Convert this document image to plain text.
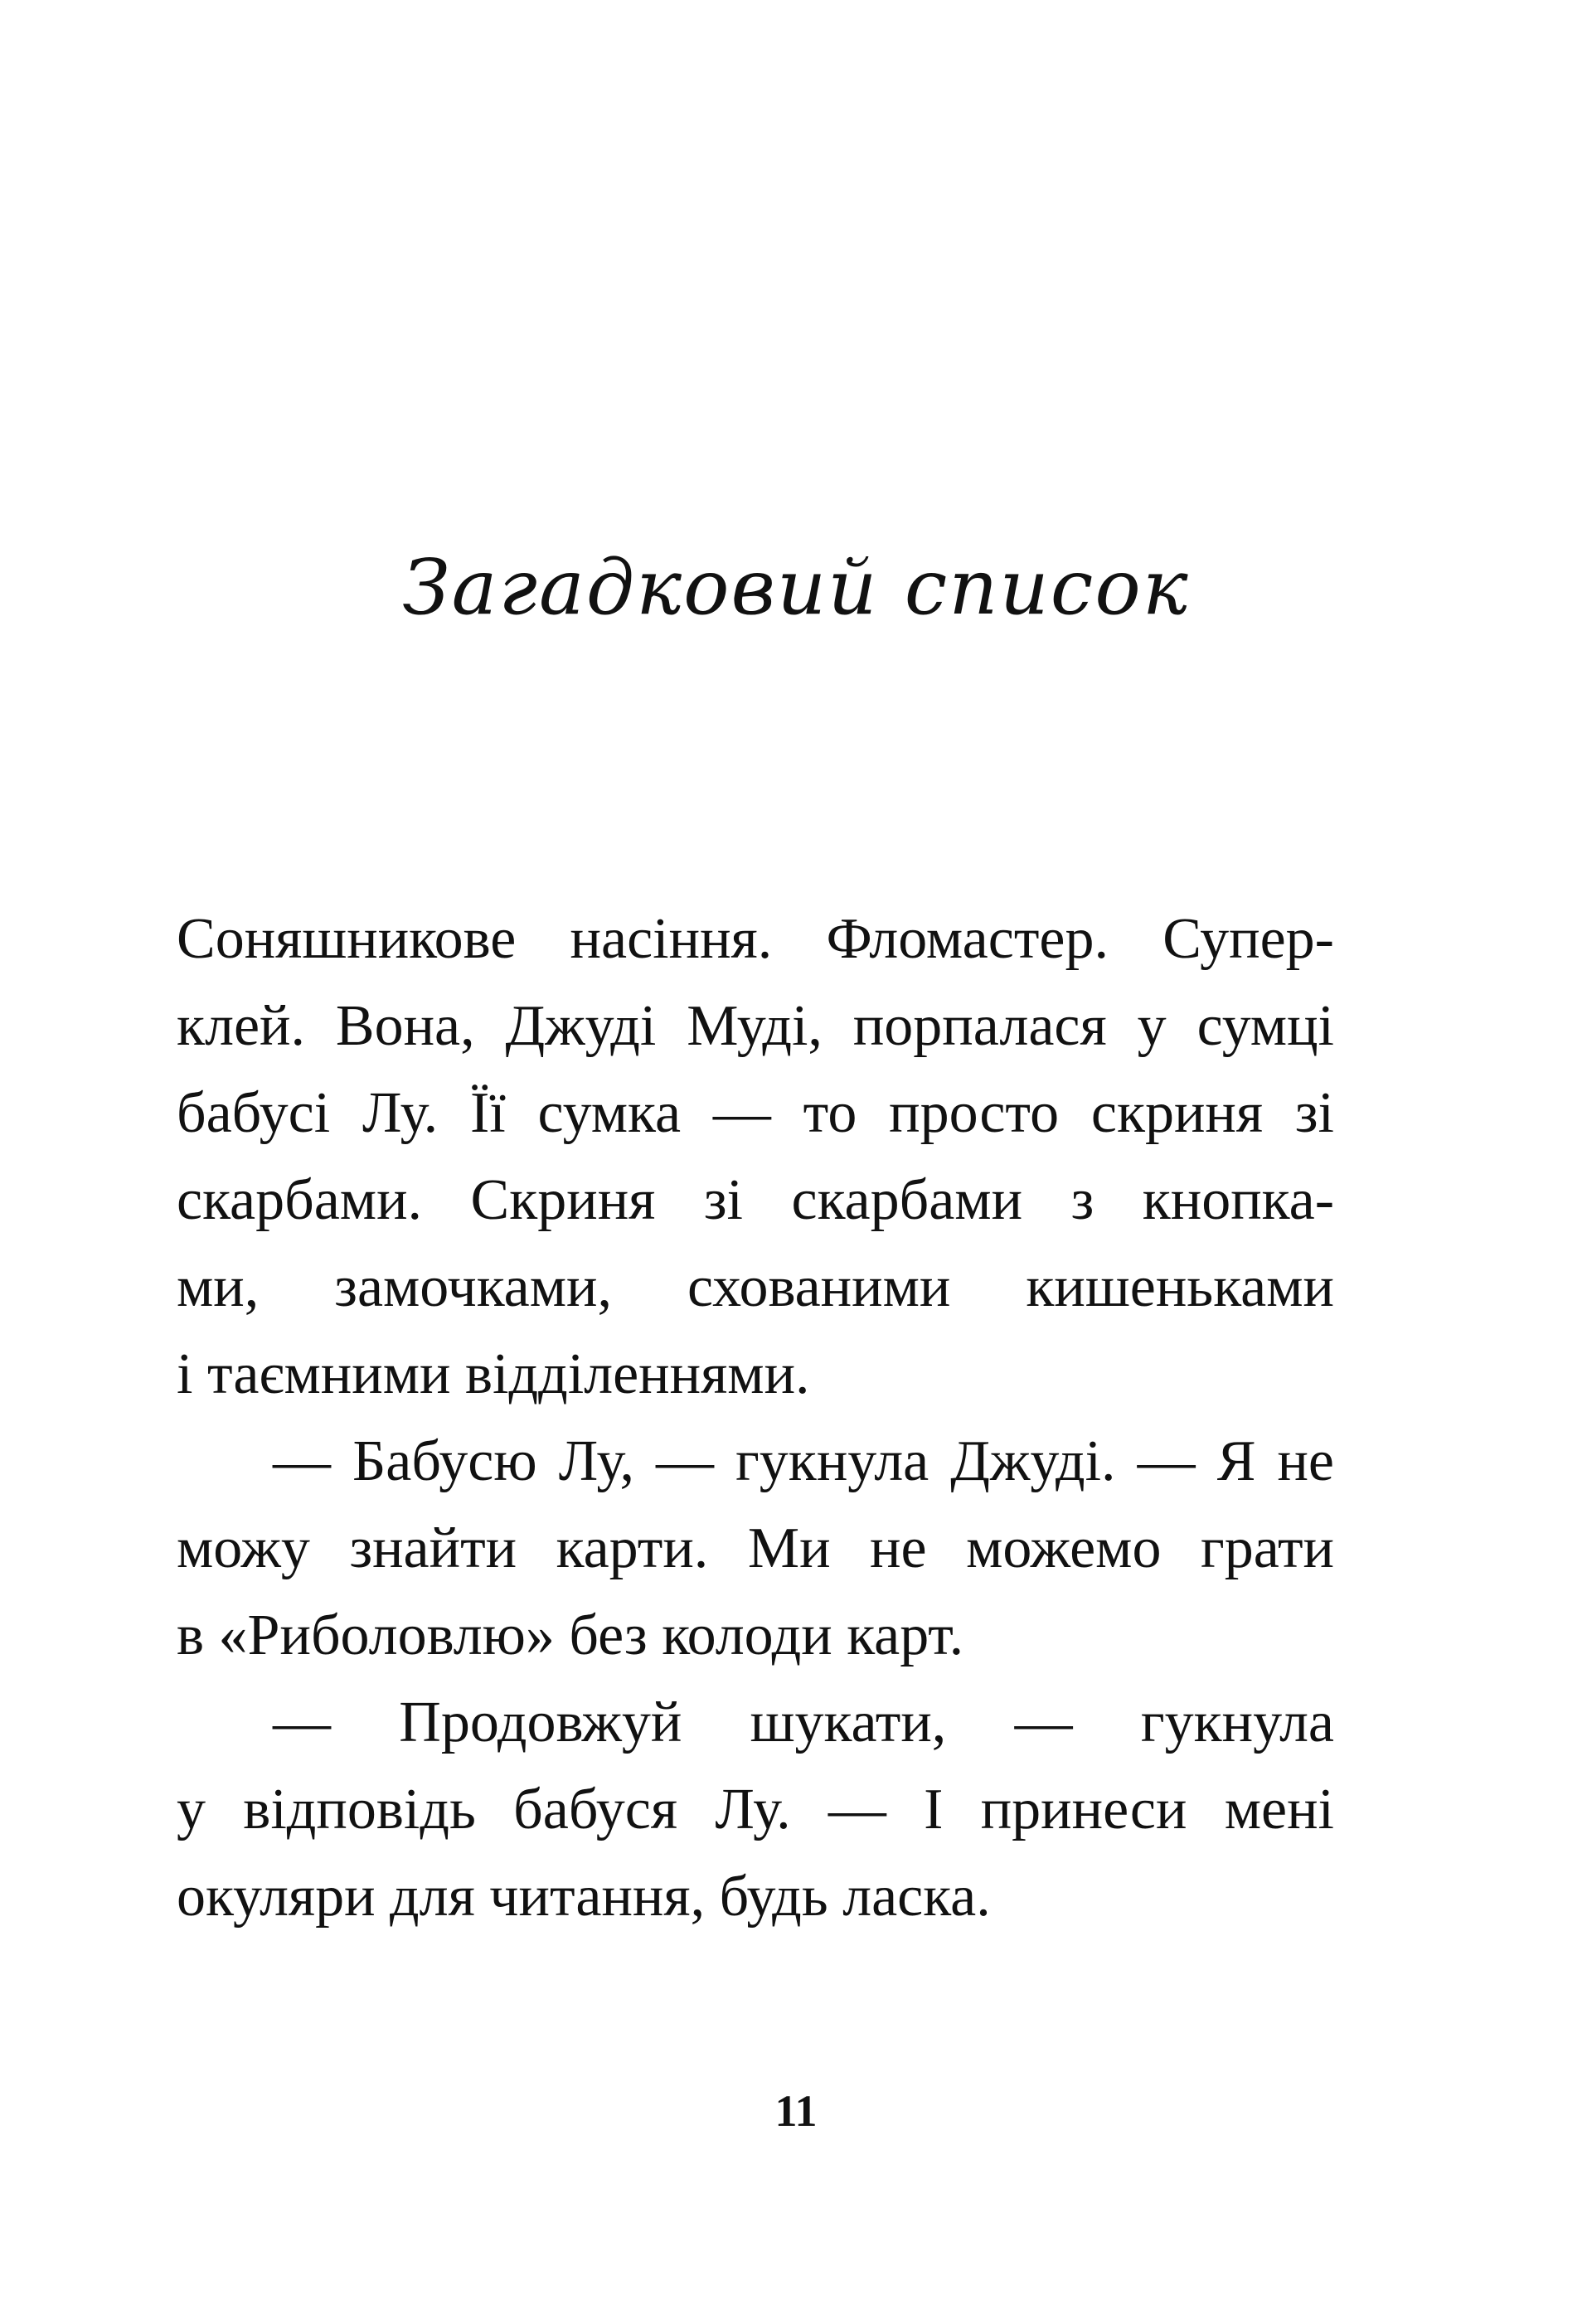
Загадковий список
Соняшникове насіння. Фломастер. Супер-
клей. Вона, Джуді Муді, порпалася у сумці
бабусі Лу. Її сумка — то просто скриня зі
скарбами. Скриня зі скарбами з кнопка-
ми, замочками, схованими кишеньками
і таємними відділеннями.
— Бабусю Лу, — гукнула Джуді. — Я не
можу знайти карти. Ми не можемо грати
в «Риболовлю» без колоди карт.
— Продовжуй шукати, — гукнула
у відповідь бабуся Лу. — І принеси мені
окуляри для читання, будь ласка.
11
